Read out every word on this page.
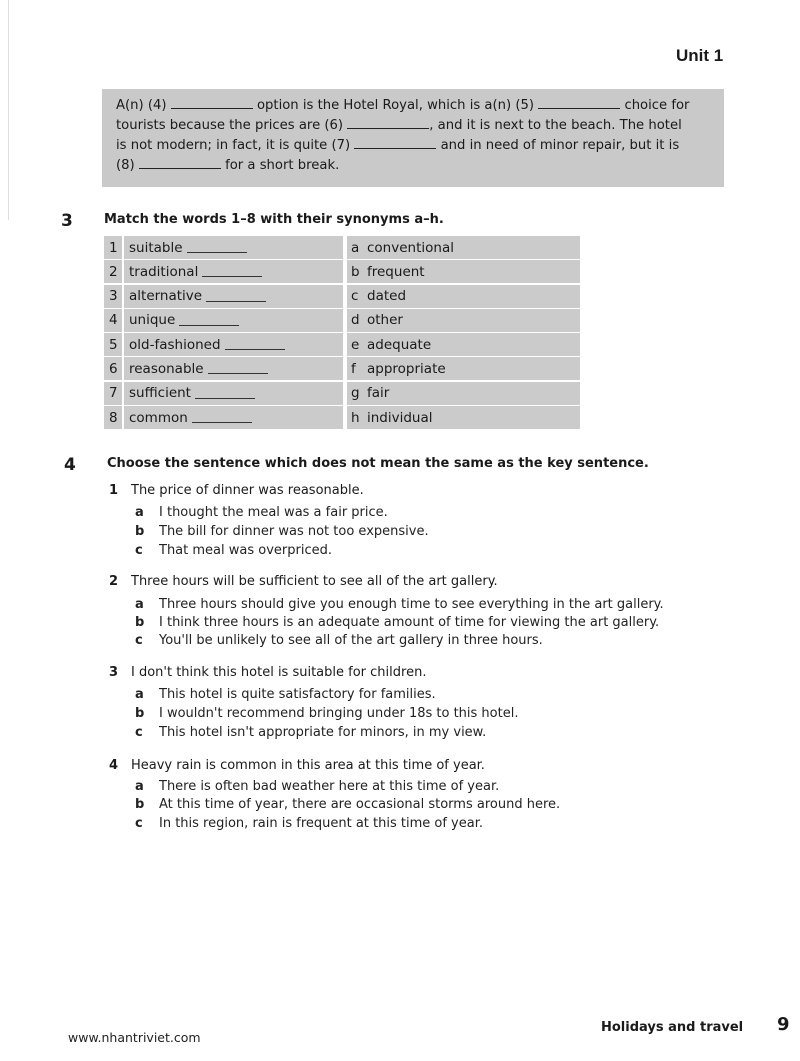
Unit 1
A(n) (4)	option is the Hotel Royal, which is a(n) (5)	choice for
tourists because the prices are (6)	, and it is next to the beach. The hotel
is not modern; in fact, it is quite (7)	and in need of minor repair, but it is
(8)	for a short break.
3 Match the words 1–8 with their synonyms a–h.
1 suitable	a conventional
2 traditional	b frequent
3 alternative	c dated
4 unique	d other
5 old-fashioned	e adequate
6 reasonable	f appropriate
7 sufficient	g fair
8 common	h individual
4 Choose the sentence which does not mean the same as the key sentence.
1 The price of dinner was reasonable.
a I thought the meal was a fair price.
b The bill for dinner was not too expensive.
c That meal was overpriced.
2 Three hours will be sufficient to see all of the art gallery.
a Three hours should give you enough time to see everything in the art gallery.
b I think three hours is an adequate amount of time for viewing the art gallery.
c You'll be unlikely to see all of the art gallery in three hours.
3 I don't think this hotel is suitable for children.
a This hotel is quite satisfactory for families.
b I wouldn't recommend bringing under 18s to this hotel.
c This hotel isn't appropriate for minors, in my view.
4 Heavy rain is common in this area at this time of year.
a There is often bad weather here at this time of year.
b At this time of year, there are occasional storms around here.
c In this region, rain is frequent at this time of year.
www.nhantriviet.com
Holidays and travel 9
